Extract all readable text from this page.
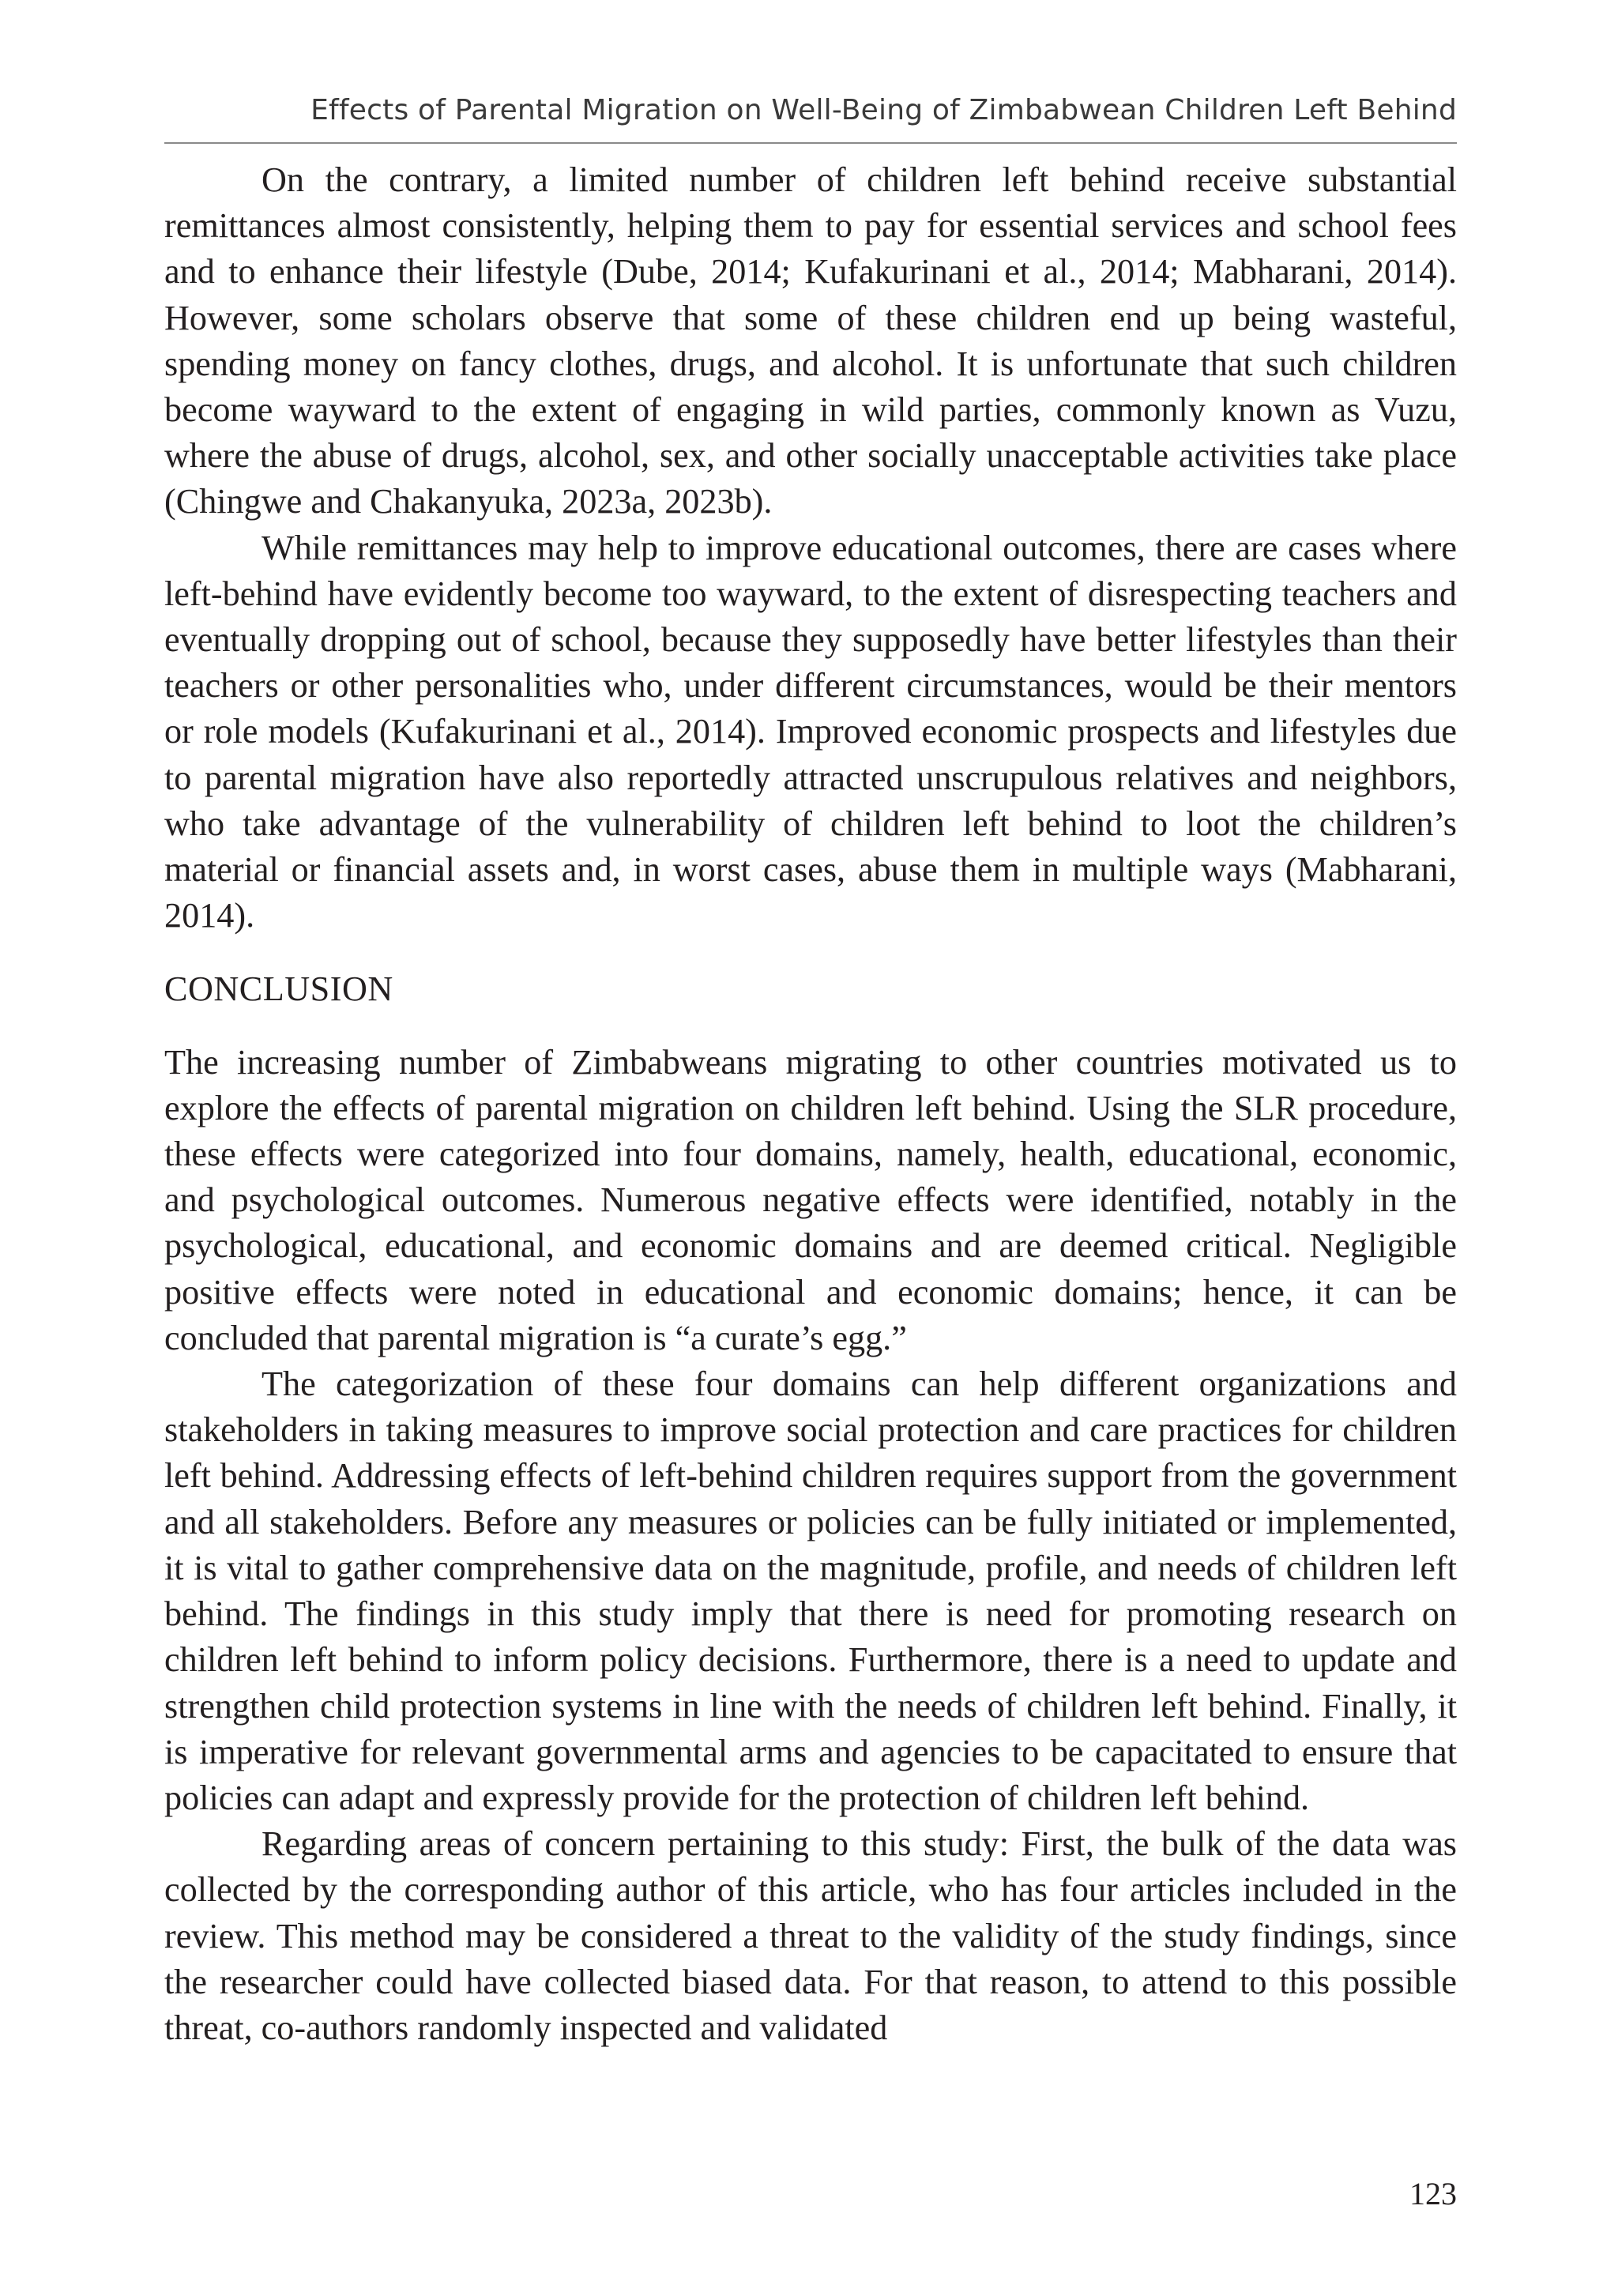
Effects of Parental Migration on Well-Being of Zimbabwean Children Left Behind

On the contrary, a limited number of children left behind receive substantial remittances almost consistently, helping them to pay for essential services and school fees and to enhance their lifestyle (Dube, 2014; Kufakurinani et al., 2014; Mabharani, 2014). However, some scholars observe that some of these children end up being wasteful, spending money on fancy clothes, drugs, and alcohol. It is unfortunate that such children become wayward to the extent of engaging in wild parties, commonly known as Vuzu, where the abuse of drugs, alcohol, sex, and other socially unacceptable activities take place (Chingwe and Chakanyuka, 2023a, 2023b).

While remittances may help to improve educational outcomes, there are cases where left-behind have evidently become too wayward, to the extent of disrespecting teachers and eventually dropping out of school, because they supposedly have better lifestyles than their teachers or other personalities who, under different circumstances, would be their mentors or role models (Kufakurinani et al., 2014). Improved economic prospects and lifestyles due to parental migration have also reportedly attracted unscrupulous relatives and neighbors, who take advantage of the vulnerability of children left behind to loot the children’s material or financial assets and, in worst cases, abuse them in multiple ways (Mabharani, 2014).

CONCLUSION

The increasing number of Zimbabweans migrating to other countries motivated us to explore the effects of parental migration on children left behind. Using the SLR procedure, these effects were categorized into four domains, namely, health, educational, economic, and psychological outcomes. Numerous negative effects were identified, notably in the psychological, educational, and economic domains and are deemed critical. Negligible positive effects were noted in educational and economic domains; hence, it can be concluded that parental migration is “a curate’s egg.”

The categorization of these four domains can help different organizations and stakeholders in taking measures to improve social protection and care practices for children left behind. Addressing effects of left-behind children requires support from the government and all stakeholders. Before any measures or policies can be fully initiated or implemented, it is vital to gather comprehensive data on the magnitude, profile, and needs of children left behind. The findings in this study imply that there is need for promoting research on children left behind to inform policy decisions. Furthermore, there is a need to update and strengthen child protection systems in line with the needs of children left behind. Finally, it is imperative for relevant governmental arms and agencies to be capacitated to ensure that policies can adapt and expressly provide for the protection of children left behind.

Regarding areas of concern pertaining to this study: First, the bulk of the data was collected by the corresponding author of this article, who has four articles included in the review. This method may be considered a threat to the validity of the study findings, since the researcher could have collected biased data. For that reason, to attend to this possible threat, co-authors randomly inspected and validated

123
